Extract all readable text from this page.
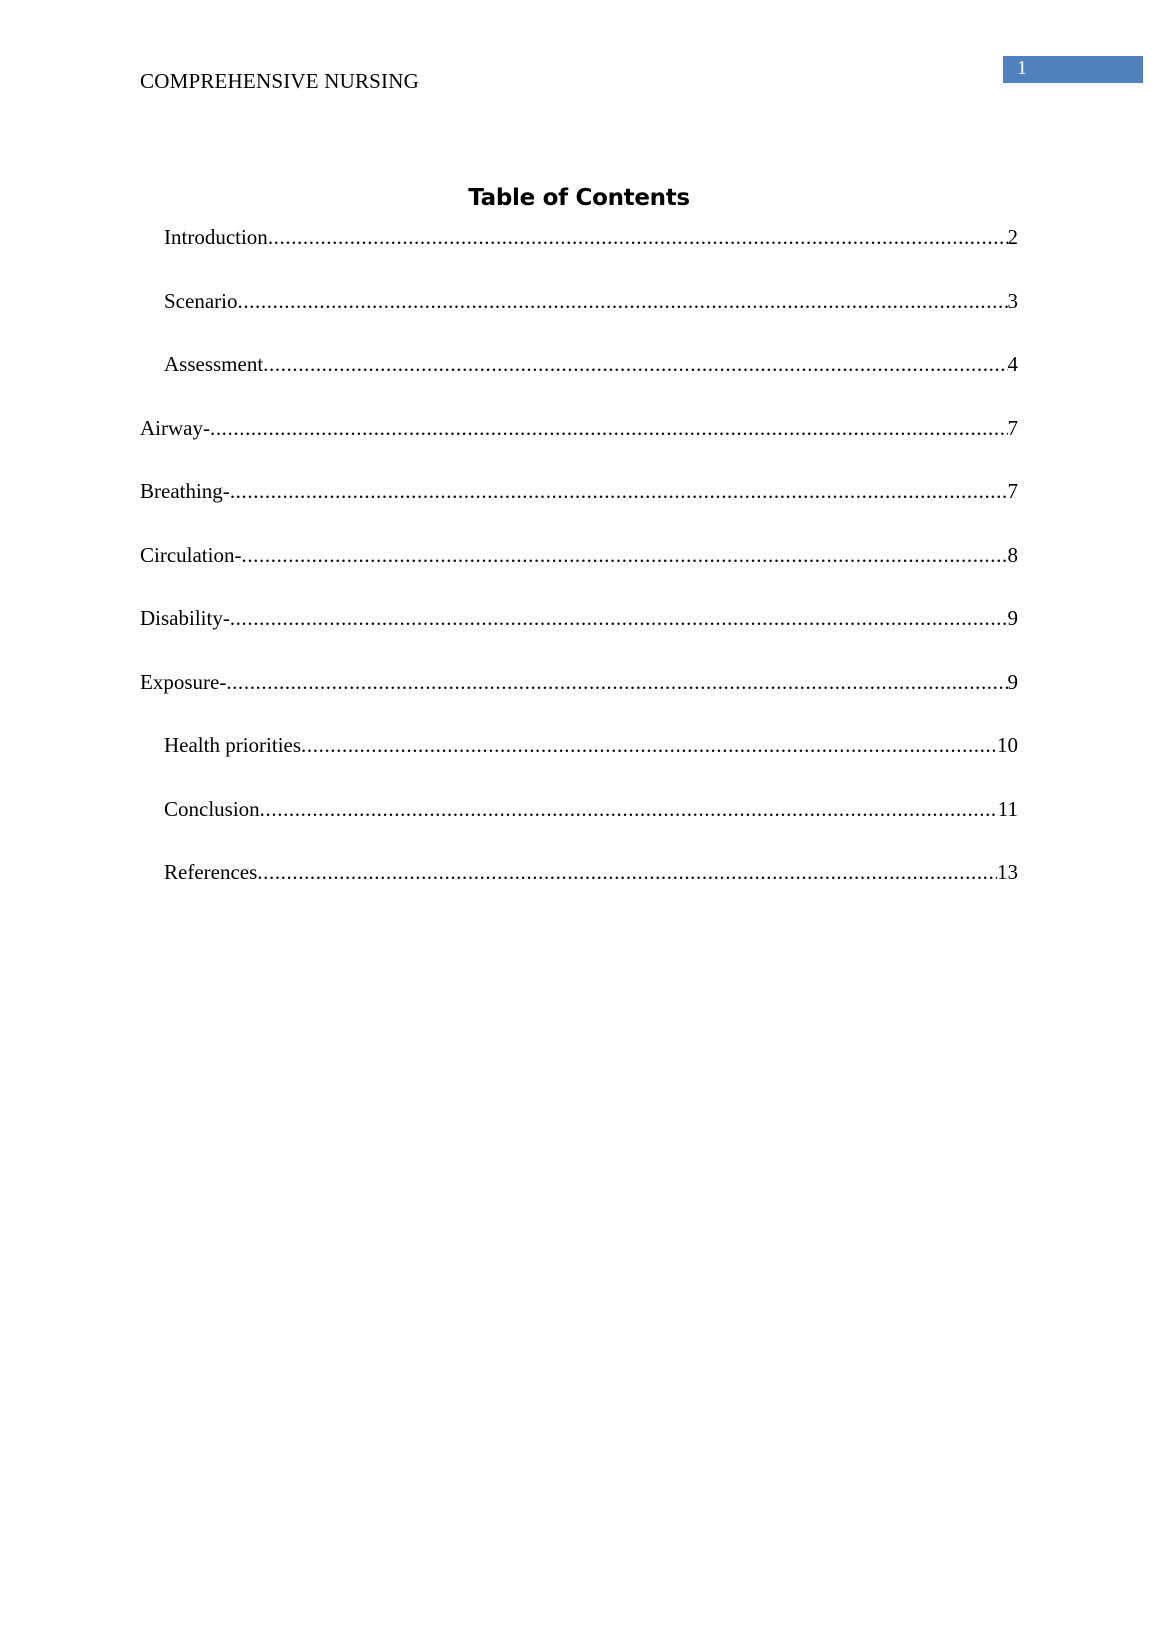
COMPREHENSIVE NURSING
1
Table of Contents
Introduction .....	2
Scenario .....	3
Assessment .....	4
Airway- .....	7
Breathing- .....	7
Circulation- .....	8
Disability- .....	9
Exposure- .....	9
Health priorities .....	10
Conclusion .....	11
References .....	13
